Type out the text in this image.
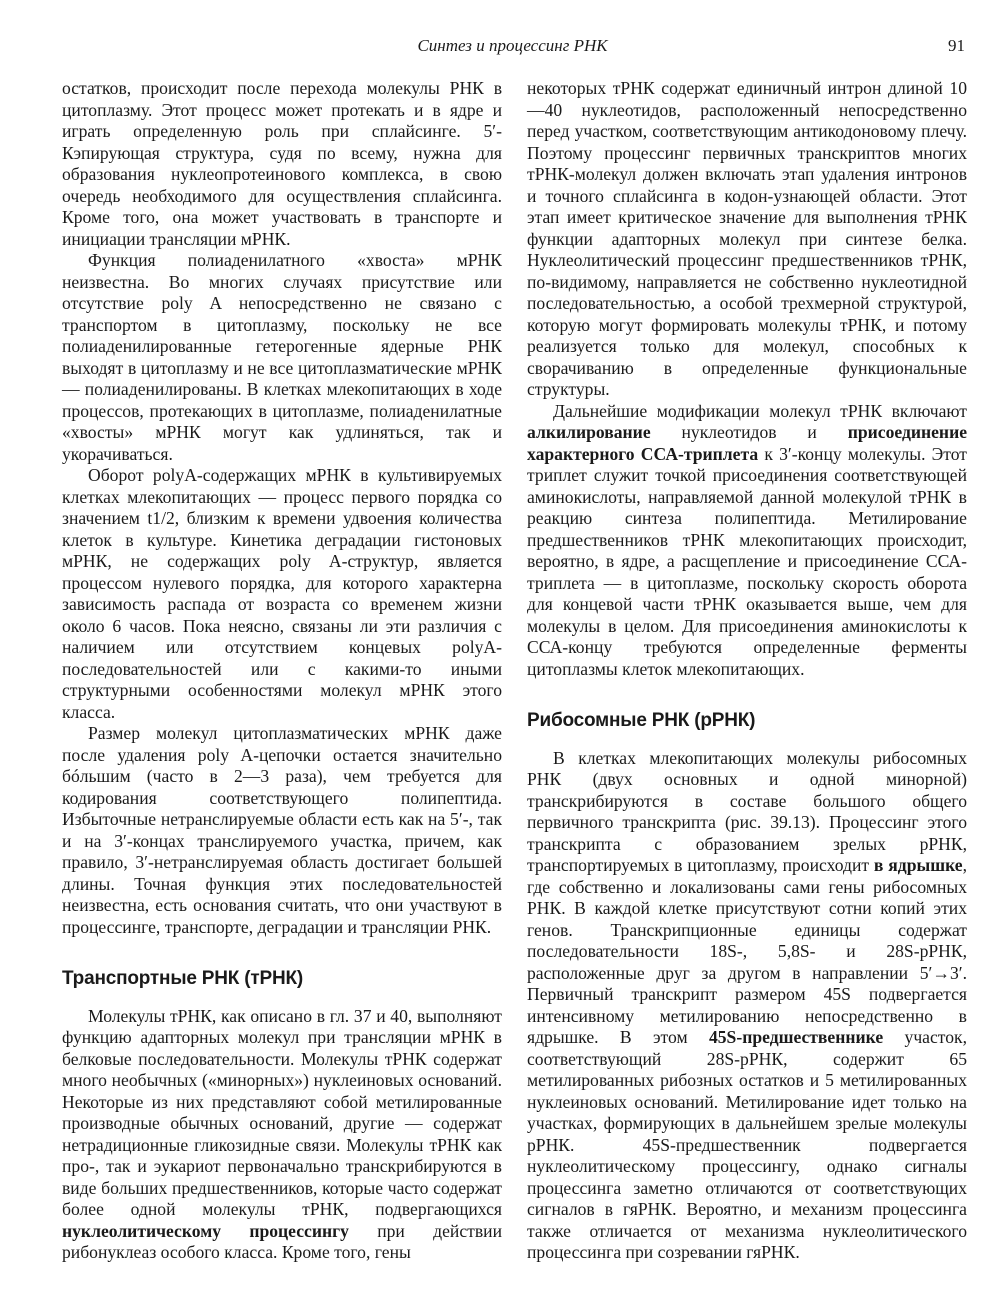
Синтез и процессинг РНК	91

остатков, происходит после перехода молекулы РНК в цитоплазму. Этот процесс может протекать и в ядре и играть определенную роль при сплайсинге. 5′-Кэпирующая структура, судя по всему, нужна для образования нуклеопротеинового комплекса, в свою очередь необходимого для осуществления сплайсинга. Кроме того, она может участвовать в транспорте и инициации трансляции мРНК.

Функция полиаденилатного «хвоста» мРНК неизвестна. Во многих случаях присутствие или отсутствие poly A непосредственно не связано с транспортом в цитоплазму, поскольку не все полиаденилированные гетерогенные ядерные РНК выходят в цитоплазму и не все цитоплазматические мРНК — полиаденилированы. В клетках млекопитающих в ходе процессов, протекающих в цитоплазме, полиаденилатные «хвосты» мРНК могут как удлиняться, так и укорачиваться.

Оборот polyA-содержащих мРНК в культивируемых клетках млекопитающих — процесс первого порядка со значением t1/2, близким к времени удвоения количества клеток в культуре. Кинетика деградации гистоновых мРНК, не содержащих poly A-структур, является процессом нулевого порядка, для которого характерна зависимость распада от возраста со временем жизни около 6 часов. Пока неясно, связаны ли эти различия с наличием или отсутствием концевых polyA-последовательностей или с какими-то иными структурными особенностями молекул мРНК этого класса.

Размер молекул цитоплазматических мРНК даже после удаления poly A-цепочки остается значительно бóльшим (часто в 2—3 раза), чем требуется для кодирования соответствующего полипептида. Избыточные нетранслируемые области есть как на 5′-, так и на 3′-концах транслируемого участка, причем, как правило, 3′-нетранслируемая область достигает большей длины. Точная функция этих последовательностей неизвестна, есть основания считать, что они участвуют в процессинге, транспорте, деградации и трансляции РНК.

Транспортные РНК (тРНК)

Молекулы тРНК, как описано в гл. 37 и 40, выполняют функцию адапторных молекул при трансляции мРНК в белковые последовательности. Молекулы тРНК содержат много необычных («минорных») нуклеиновых оснований. Некоторые из них представляют собой метилированные производные обычных оснований, другие — содержат нетрадиционные гликозидные связи. Молекулы тРНК как про-, так и эукариот первоначально транскрибируются в виде больших предшественников, которые часто содержат более одной молекулы тРНК, подвергающихся нуклеолитическому процессингу при действии рибонуклеаз особого класса. Кроме того, гены

некоторых тРНК содержат единичный интрон длиной 10—40 нуклеотидов, расположенный непосредственно перед участком, соответствующим антикодоновому плечу. Поэтому процессинг первичных транскриптов многих тРНК-молекул должен включать этап удаления интронов и точного сплайсинга в кодон-узнающей области. Этот этап имеет критическое значение для выполнения тРНК функции адапторных молекул при синтезе белка. Нуклеолитический процессинг предшественников тРНК, по-видимому, направляется не собственно нуклеотидной последовательностью, а особой трехмерной структурой, которую могут формировать молекулы тРНК, и потому реализуется только для молекул, способных к сворачиванию в определенные функциональные структуры.

Дальнейшие модификации молекул тРНК включают алкилирование нуклеотидов и присоединение характерного ССА-триплета к 3′-концу молекулы. Этот триплет служит точкой присоединения соответствующей аминокислоты, направляемой данной молекулой тРНК в реакцию синтеза полипептида. Метилирование предшественников тРНК млекопитающих происходит, вероятно, в ядре, а расщепление и присоединение ССА-триплета — в цитоплазме, поскольку скорость оборота для концевой части тРНК оказывается выше, чем для молекулы в целом. Для присоединения аминокислоты к ССА-концу требуются определенные ферменты цитоплазмы клеток млекопитающих.

Рибосомные РНК (рРНК)

В клетках млекопитающих молекулы рибосомных РНК (двух основных и одной минорной) транскрибируются в составе большого общего первичного транскрипта (рис. 39.13). Процессинг этого транскрипта с образованием зрелых рРНК, транспортируемых в цитоплазму, происходит в ядрышке, где собственно и локализованы сами гены рибосомных РНК. В каждой клетке присутствуют сотни копий этих генов. Транскрипционные единицы содержат последовательности 18S-, 5,8S- и 28S-рРНК, расположенные друг за другом в направлении 5′→3′. Первичный транскрипт размером 45S подвергается интенсивному метилированию непосредственно в ядрышке. В этом 45S-предшественнике участок, соответствующий 28S-рРНК, содержит 65 метилированных рибозных остатков и 5 метилированных нуклеиновых оснований. Метилирование идет только на участках, формирующих в дальнейшем зрелые молекулы рРНК. 45S-предшественник подвергается нуклеолитическому процессингу, однако сигналы процессинга заметно отличаются от соответствующих сигналов в гяРНК. Вероятно, и механизм процессинга также отличается от механизма нуклеолитического процессинга при созревании гяРНК.
